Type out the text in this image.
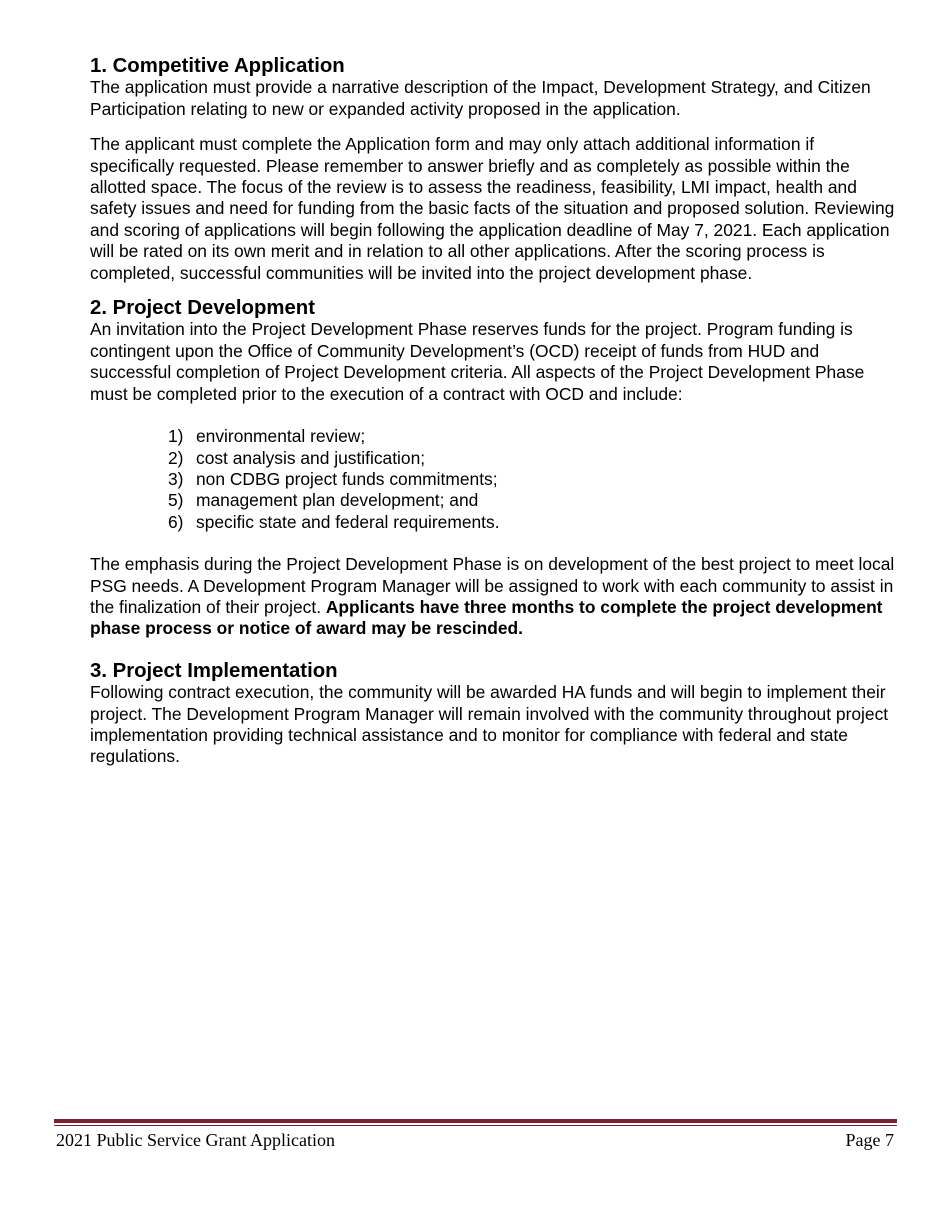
1. Competitive Application

The application must provide a narrative description of the Impact, Development Strategy, and Citizen Participation relating to new or expanded activity proposed in the application.

The applicant must complete the Application form and may only attach additional information if specifically requested. Please remember to answer briefly and as completely as possible within the allotted space. The focus of the review is to assess the readiness, feasibility, LMI impact, health and safety issues and need for funding from the basic facts of the situation and proposed solution. Reviewing and scoring of applications will begin following the application deadline of May 7, 2021. Each application will be rated on its own merit and in relation to all other applications. After the scoring process is completed, successful communities will be invited into the project development phase.

2. Project Development

An invitation into the Project Development Phase reserves funds for the project. Program funding is contingent upon the Office of Community Development’s (OCD) receipt of funds from HUD and successful completion of Project Development criteria. All aspects of the Project Development Phase must be completed prior to the execution of a contract with OCD and include:

1) environmental review;
2) cost analysis and justification;
3) non CDBG project funds commitments;
5) management plan development; and
6) specific state and federal requirements.

The emphasis during the Project Development Phase is on development of the best project to meet local PSG needs. A Development Program Manager will be assigned to work with each community to assist in the finalization of their project. Applicants have three months to complete the project development phase process or notice of award may be rescinded.

3. Project Implementation

Following contract execution, the community will be awarded HA funds and will begin to implement their project. The Development Program Manager will remain involved with the community throughout project implementation providing technical assistance and to monitor for compliance with federal and state regulations.

2021 Public Service Grant Application	Page 7
